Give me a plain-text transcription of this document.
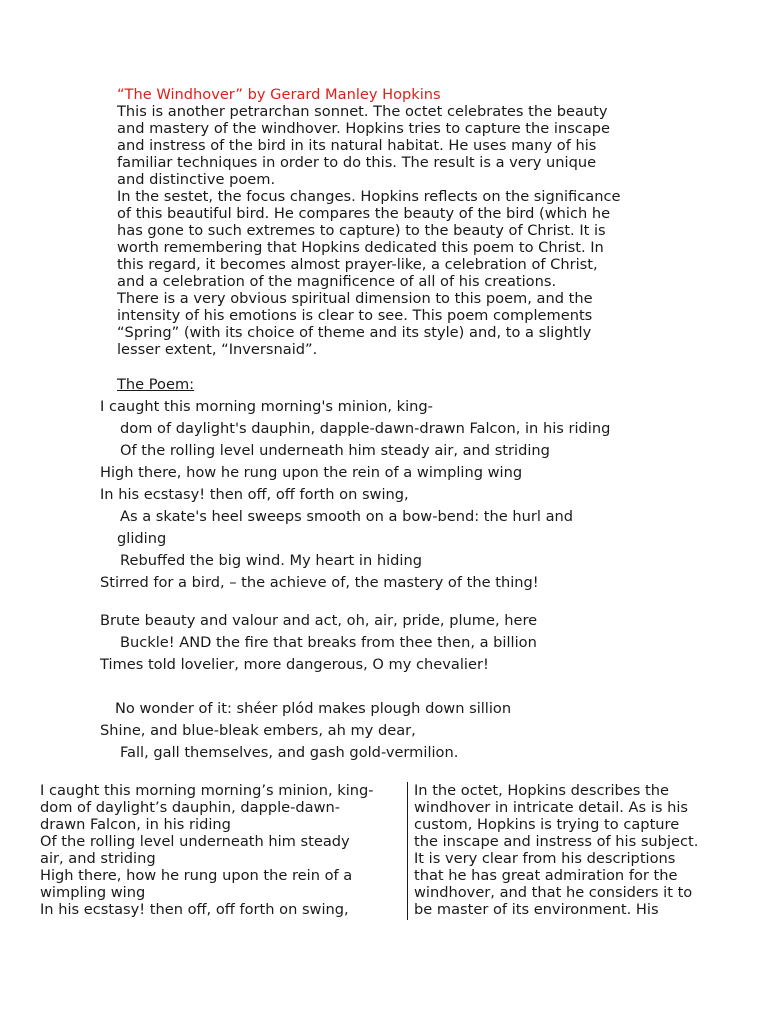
“The Windhover” by Gerard Manley Hopkins
This is another petrarchan sonnet. The octet celebrates the beauty
and mastery of the windhover. Hopkins tries to capture the inscape
and instress of the bird in its natural habitat. He uses many of his
familiar techniques in order to do this. The result is a very unique
and distinctive poem.
In the sestet, the focus changes. Hopkins reflects on the significance
of this beautiful bird. He compares the beauty of the bird (which he
has gone to such extremes to capture) to the beauty of Christ. It is
worth remembering that Hopkins dedicated this poem to Christ. In
this regard, it becomes almost prayer-like, a celebration of Christ,
and a celebration of the magnificence of all of his creations.
There is a very obvious spiritual dimension to this poem, and the
intensity of his emotions is clear to see. This poem complements
“Spring” (with its choice of theme and its style) and, to a slightly
lesser extent, “Inversnaid”.
The Poem:
I caught this morning morning's minion, king-
dom of daylight's dauphin, dapple-dawn-drawn Falcon, in his riding
Of the rolling level underneath him steady air, and striding
High there, how he rung upon the rein of a wimpling wing
In his ecstasy! then off, off forth on swing,
As a skate's heel sweeps smooth on a bow-bend: the hurl and
gliding
Rebuffed the big wind. My heart in hiding
Stirred for a bird, – the achieve of, the mastery of the thing!
Brute beauty and valour and act, oh, air, pride, plume, here
Buckle! AND the fire that breaks from thee then, a billion
Times told lovelier, more dangerous, O my chevalier!
No wonder of it: shéer plód makes plough down sillion
Shine, and blue-bleak embers, ah my dear,
Fall, gall themselves, and gash gold-vermilion.
I caught this morning morning’s minion, king-
dom of daylight’s dauphin, dapple-dawn-
drawn Falcon, in his riding
Of the rolling level underneath him steady
air, and striding
High there, how he rung upon the rein of a
wimpling wing
In his ecstasy! then off, off forth on swing,
In the octet, Hopkins describes the
windhover in intricate detail. As is his
custom, Hopkins is trying to capture
the inscape and instress of his subject.
It is very clear from his descriptions
that he has great admiration for the
windhover, and that he considers it to
be master of its environment. His
